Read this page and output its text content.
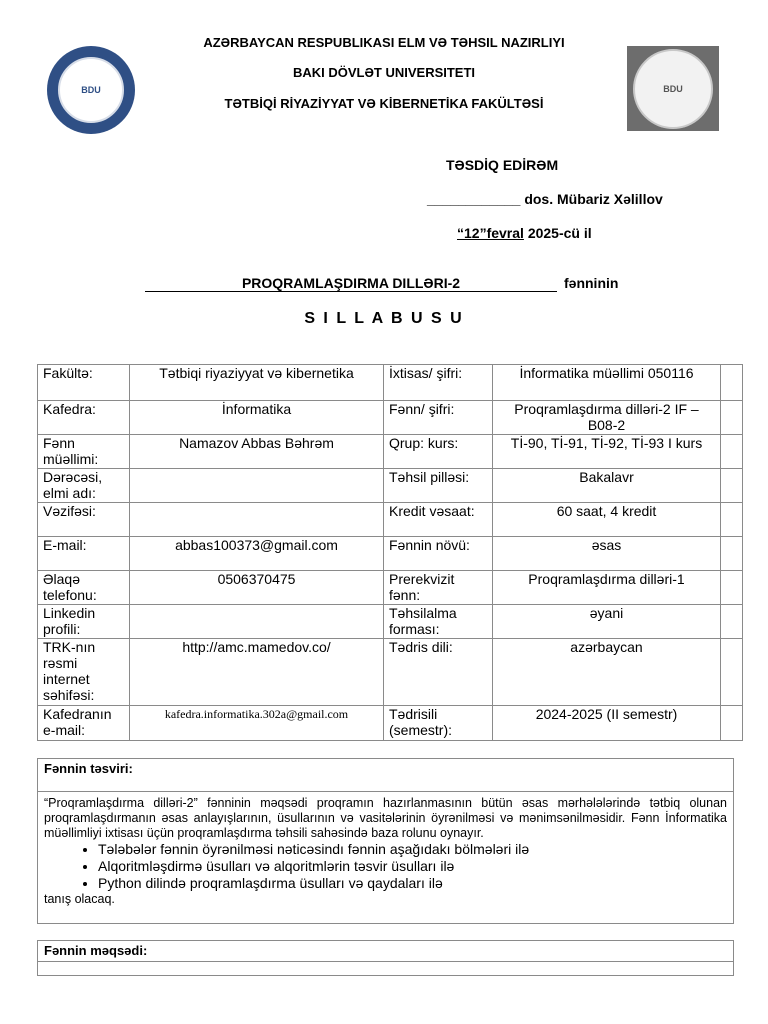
BDU	BDU
AZƏRBAYCAN RESPUBLIKASI ELM VƏ TƏHSIL NAZIRLIYI
BAKI DÖVLƏT UNIVERSITETI
TƏTBİQİ RİYAZİYYAT VƏ KİBERNETİKA FAKÜLTƏSİ
TƏSDİQ EDİRƏM
____________ dos. Mübariz Xəlillov
“12”fevral 2025-cü il
PROQRAMLAŞDIRMA DILLƏRI-2	fənninin
S I L L A B U S U
Fakültə:	Tətbiqi riyaziyyat və kibernetika	İxtisas/ şifri:	İnformatika müəllimi 050116	
Kafedra:	İnformatika	Fənn/ şifri:	Proqramlaşdırma dilləri-2 IF – B08-2	
Fənn müəllimi:	Namazov Abbas Bəhrəm	Qrup: kurs:	Tİ-90, Tİ-91, Tİ-92, Tİ-93 I kurs	
Dərəcəsi, elmi adı:		Təhsil pilləsi:	Bakalavr	
Vəzifəsi:		Kredit vəsaat:	60 saat, 4 kredit	
E-mail:	abbas100373@gmail.com	Fənnin növü:	əsas	
Əlaqə telefonu:	0506370475	Prerekvizit fənn:	Proqramlaşdırma dilləri-1	
Linkedin profili:		Təhsilalma forması:	əyani	
TRK-nın rəsmi internet səhifəsi:	http://amc.mamedov.co/	Tədris dili:	azərbaycan	
Kafedranın e-mail:	kafedra.informatika.302a@gmail.com	Tədrisili (semestr):	2024-2025 (II semestr)	
Fənnin təsviri:
“Proqramlaşdırma dilləri-2” fənninin məqsədi proqramın hazırlanmasının bütün əsas mərhələlərində tətbiq olunan proqramlaşdırmanın əsas anlayışlarının, üsullarının və vasitələrinin öyrənilməsi və mənimsənilməsidir. Fənn İnformatika müəllimliyi ixtisası üçün proqramlaşdırma təhsili sahəsində baza rolunu oynayır.
• Tələbələr fənnin öyrənilməsi nəticəsindı fənnin aşağıdakı bölmələri ilə
• Alqoritmləşdirmə üsulları və alqoritmlərin təsvir üsulları ilə
• Python dilində proqramlaşdırma üsulları və qaydaları ilə
tanış olacaq.
Fənnin məqsədi:
